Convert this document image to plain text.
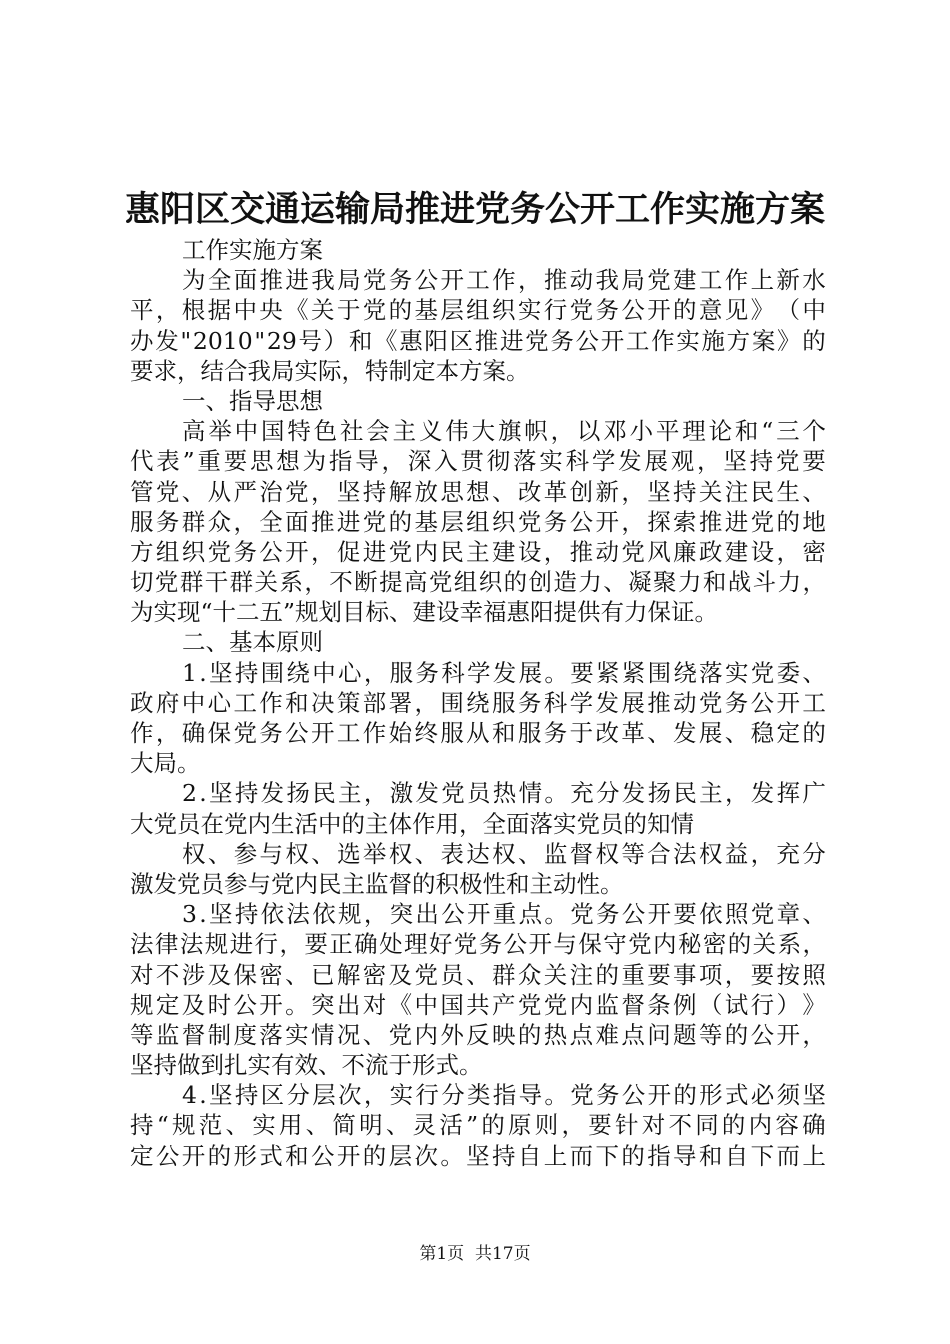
惠阳区交通运输局推进党务公开工作实施方案
工作实施方案
为 全 面 推 进 我 局 党 务 公 开 工 作 ， 推 动 我 局 党 建 工 作 上 新 水
平 ， 根 据 中 央 《 关 于 党 的 基 层 组 织 实 行 党 务 公 开 的 意 见 》 （ 中
办 发 " 2010 " 29 号 ） 和 《 惠 阳 区 推 进 党 务 公 开 工 作 实 施 方 案 》 的
要求，结合我局实际，特制定本方案。
一、指导思想
高 举 中 国 特 色 社 会 主 义 伟 大 旗 帜 ， 以 邓 小 平 理 论 和 “ 三 个
代 表 ” 重 要 思 想 为 指 导 ， 深 入 贯 彻 落 实 科 学 发 展 观 ， 坚 持 党 要
管 党 、 从 严 治 党 ， 坚 持 解 放 思 想 、 改 革 创 新 ， 坚 持 关 注 民 生 、
服 务 群 众 ， 全 面 推 进 党 的 基 层 组 织 党 务 公 开 ， 探 索 推 进 党 的 地
方 组 织 党 务 公 开 ， 促 进 党 内 民 主 建 设 ， 推 动 党 风 廉 政 建 设 ， 密
切 党 群 干 群 关 系 ， 不 断 提 高 党 组 织 的 创 造 力 、 凝 聚 力 和 战 斗 力 ，
为实现“十二五”规划目标、建设幸福惠阳提供有力保证。
二、基本原则
1 . 坚 持 围 绕 中 心 ， 服 务 科 学 发 展 。 要 紧 紧 围 绕 落 实 党 委 、
政 府 中 心 工 作 和 决 策 部 署 ， 围 绕 服 务 科 学 发 展 推 动 党 务 公 开 工
作 ， 确 保 党 务 公 开 工 作 始 终 服 从 和 服 务 于 改 革 、 发 展 、 稳 定 的
大局。
2 . 坚 持 发 扬 民 主 ， 激 发 党 员 热 情 。 充 分 发 扬 民 主 ， 发 挥 广
大党员在党内生活中的主体作用，全面落实党员的知情
权 、 参 与 权 、 选 举 权 、 表 达 权 、 监 督 权 等 合 法 权 益 ， 充 分
激发党员参与党内民主监督的积极性和主动性。
3 . 坚 持 依 法 依 规 ， 突 出 公 开 重 点 。 党 务 公 开 要 依 照 党 章 、
法 律 法 规 进 行 ， 要 正 确 处 理 好 党 务 公 开 与 保 守 党 内 秘 密 的 关 系 ，
对 不 涉 及 保 密 、 已 解 密 及 党 员 、 群 众 关 注 的 重 要 事 项 ， 要 按 照
规 定 及 时 公 开 。 突 出 对 《 中 国 共 产 党 党 内 监 督 条 例 （ 试 行 ） 》
等 监 督 制 度 落 实 情 况 、 党 内 外 反 映 的 热 点 难 点 问 题 等 的 公 开 ，
坚持做到扎实有效、不流于形式。
4 . 坚 持 区 分 层 次 ， 实 行 分 类 指 导 。 党 务 公 开 的 形 式 必 须 坚
持 “ 规 范 、 实 用 、 简 明 、 灵 活 ” 的 原 则 ， 要 针 对 不 同 的 内 容 确
定 公 开 的 形 式 和 公 开 的 层 次 。 坚 持 自 上 而 下 的 指 导 和 自 下 而 上
第1页  共17页
